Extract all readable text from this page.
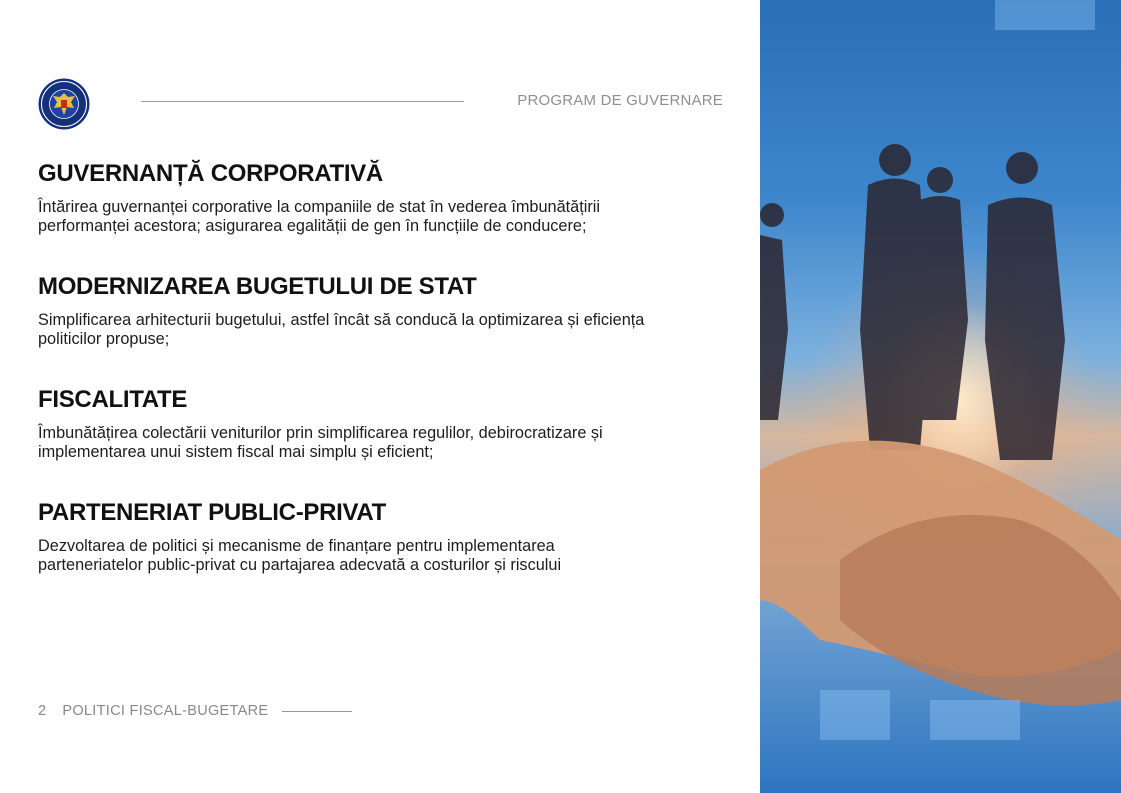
PROGRAM DE GUVERNARE
GUVERNANȚĂ CORPORATIVĂ

Întărirea guvernanței corporative la companiile de stat în vederea îmbunătățirii
performanței acestora; asigurarea egalității de gen în funcțiile de conducere;

MODERNIZAREA BUGETULUI DE STAT

Simplificarea arhitecturii bugetului, astfel încât să conducă la optimizarea și eficiența
politicilor propuse;

FISCALITATE

Îmbunătățirea colectării veniturilor prin simplificarea regulilor, debirocratizare și
implementarea unui sistem fiscal mai simplu și eficient;

PARTENERIAT PUBLIC-PRIVAT

Dezvoltarea de politici și mecanisme de finanțare pentru implementarea
parteneriatelor public-privat cu partajarea adecvată a costurilor și riscului

2 POLITICI FISCAL-BUGETARE
